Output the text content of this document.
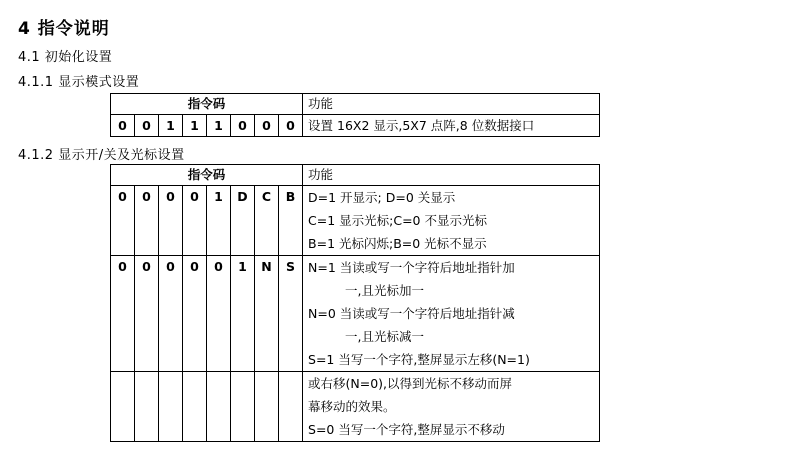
4 指令说明
4.1 初始化设置
4.1.1 显示模式设置
指令码								功能
0	0	1	1	1	0	0	0	设置 16X2 显示,5X7 点阵,8 位数据接口
4.1.2 显示开/关及光标设置
指令码								功能
0	0	0	0	1	D	C	B	D=1 开显示; D=0 关显示
C=1 显示光标;C=0 不显示光标
B=1 光标闪烁;B=0 光标不显示

0	0	0	0	0	1	N	S	N=1 当读或写一个字符后地址指针加
一,且光标加一
N=0 当读或写一个字符后地址指针减
一,且光标减一
S=1 当写一个字符,整屏显示左移(N=1)

								或右移(N=0),以得到光标不移动而屏
幕移动的效果。
S=0 当写一个字符,整屏显示不移动
